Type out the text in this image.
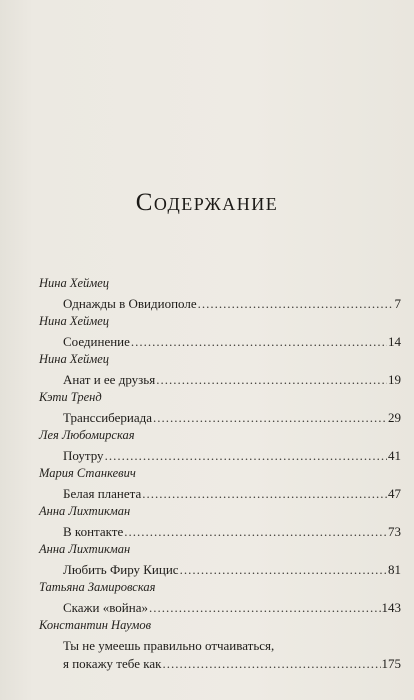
Содержание
Нина Хеймец
Однажды в Овидиополе .....	7
Нина Хеймец
Соединение .....	14
Нина Хеймец
Анат и ее друзья .....	19
Кэти Тренд
Транссибериада .....	29
Лея Любомирская
Поутру .....	41
Мария Станкевич
Белая планета .....	47
Анна Лихтикман
В контакте .....	73
Анна Лихтикман
Любить Фиру Кицис .....	81
Татьяна Замировская
Скажи «война» .....	143
Константин Наумов
Ты не умеешь правильно отчаиваться,
я покажу тебе как .....	175
